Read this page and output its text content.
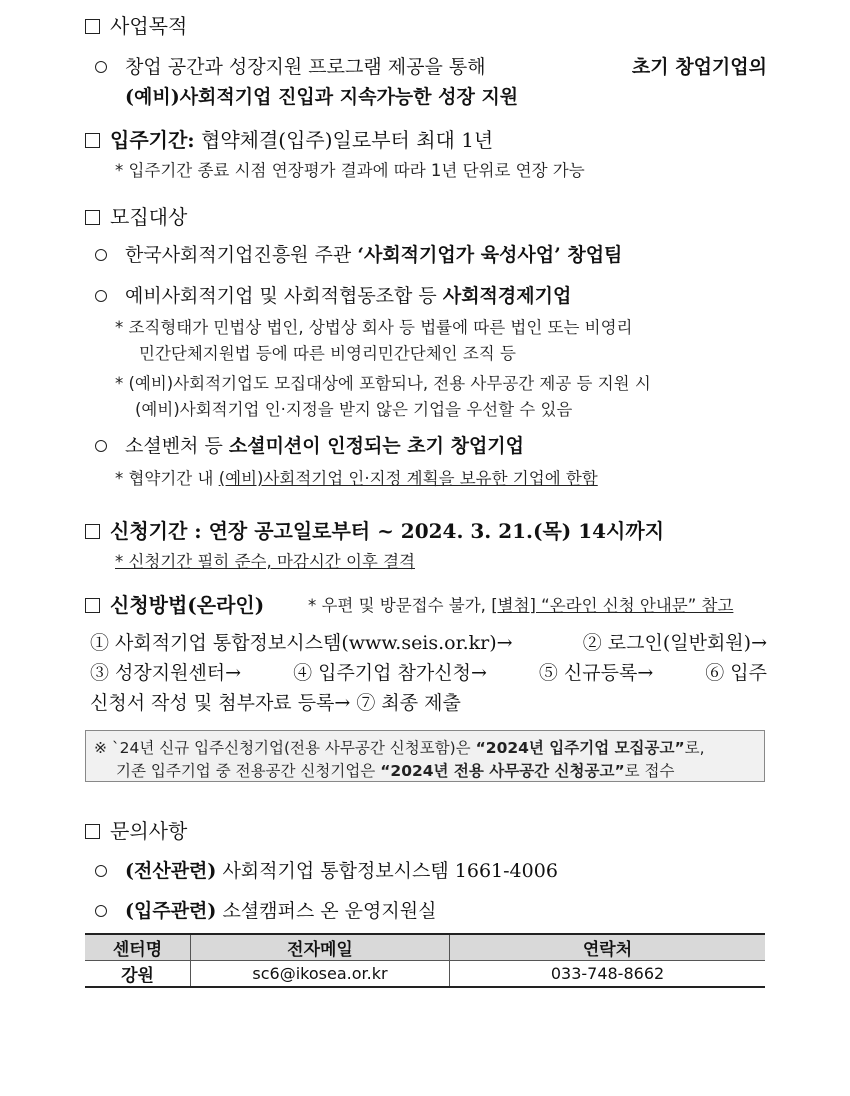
사업목적
창업 공간과 성장지원 프로그램 제공을 통해	초기 창업기업의
(예비)사회적기업 진입과 지속가능한 성장 지원
입주기간: 협약체결(입주)일로부터 최대 1년
* 입주기간 종료 시점 연장평가 결과에 따라 1년 단위로 연장 가능
모집대상
한국사회적기업진흥원 주관 ‘사회적기업가 육성사업’ 창업팀
예비사회적기업 및 사회적협동조합 등 사회적경제기업
* 조직형태가 민법상 법인, 상법상 회사 등 법률에 따른 법인 또는 비영리
민간단체지원법 등에 따른 비영리민간단체인 조직 등
* (예비)사회적기업도 모집대상에 포함되나, 전용 사무공간 제공 등 지원 시
(예비)사회적기업 인·지정을 받지 않은 기업을 우선할 수 있음
소셜벤처 등 소셜미션이 인정되는 초기 창업기업
* 협약기간 내 (예비)사회적기업 인·지정 계획을 보유한 기업에 한함
신청기간 : 연장 공고일로부터 ~ 2024. 3. 21.(목) 14시까지
* 신청기간 필히 준수, 마감시간 이후 결격
신청방법(온라인)	* 우편 및 방문접수 불가, [별첨] “온라인 신청 안내문” 참고
① 사회적기업 통합정보시스템(www.seis.or.kr)→	② 로그인(일반회원)→
③ 성장지원센터→	④ 입주기업 참가신청→	⑤ 신규등록→	⑥ 입주
신청서 작성 및 첨부자료 등록→ ⑦ 최종 제출
※ `24년 신규 입주신청기업(전용 사무공간 신청포함)은 “2024년 입주기업 모집공고”로,
기존 입주기업 중 전용공간 신청기업은 “2024년 전용 사무공간 신청공고”로 접수
문의사항
(전산관련) 사회적기업 통합정보시스템 1661-4006
(입주관련) 소셜캠퍼스 온 운영지원실
센터명	전자메일	연락처
강원	sc6@ikosea.or.kr	033-748-8662
